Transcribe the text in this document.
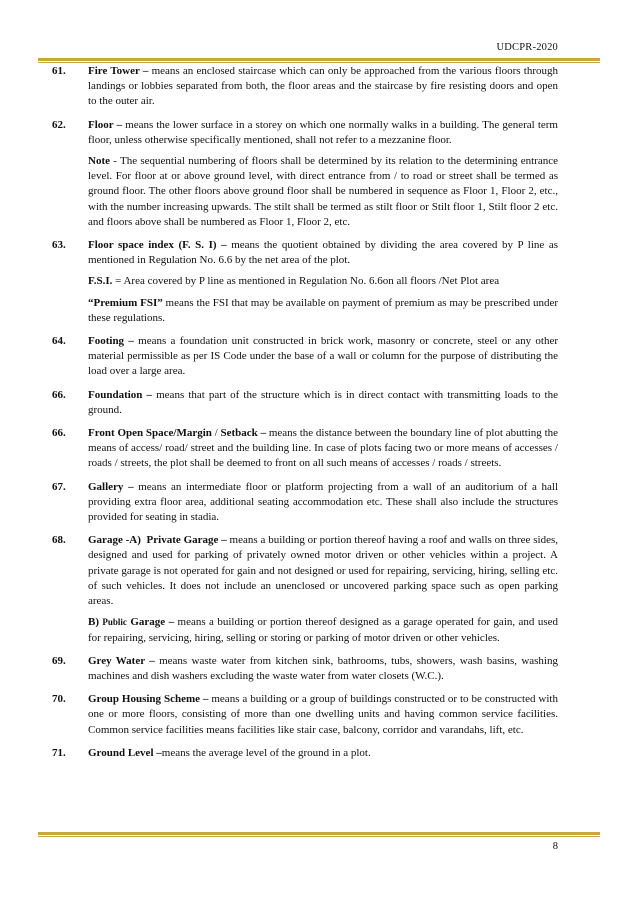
UDCPR-2020
61. Fire Tower – means an enclosed staircase which can only be approached from the various floors through landings or lobbies separated from both, the floor areas and the staircase by fire resisting doors and open to the outer air.
62. Floor – means the lower surface in a storey on which one normally walks in a building. The general term floor, unless otherwise specifically mentioned, shall not refer to a mezzanine floor.
Note - The sequential numbering of floors shall be determined by its relation to the determining entrance level. For floor at or above ground level, with direct entrance from / to road or street shall be termed as ground floor. The other floors above ground floor shall be numbered in sequence as Floor 1, Floor 2, etc., with the number increasing upwards. The stilt shall be termed as stilt floor or Stilt floor 1, Stilt floor 2 etc. and floors above shall be numbered as Floor 1, Floor 2, etc.
63. Floor space index (F. S. I) – means the quotient obtained by dividing the area covered by P line as mentioned in Regulation No. 6.6 by the net area of the plot.
F.S.I. = Area covered by P line as mentioned in Regulation No. 6.6on all floors /Net Plot area
“Premium FSI” means the FSI that may be available on payment of premium as may be prescribed under these regulations.
64. Footing – means a foundation unit constructed in brick work, masonry or concrete, steel or any other material permissible as per IS Code under the base of a wall or column for the purpose of distributing the load over a large area.
66. Foundation – means that part of the structure which is in direct contact with transmitting loads to the ground.
66. Front Open Space/Margin / Setback – means the distance between the boundary line of plot abutting the means of access/ road/ street and the building line. In case of plots facing two or more means of accesses / roads / streets, the plot shall be deemed to front on all such means of accesses / roads / streets.
67. Gallery – means an intermediate floor or platform projecting from a wall of an auditorium of a hall providing extra floor area, additional seating accommodation etc. These shall also include the structures provided for seating in stadia.
68. Garage -A)  Private Garage – means a building or portion thereof having a roof and walls on three sides, designed and used for parking of privately owned motor driven or other vehicles within a project. A private garage is not operated for gain and not designed or used for repairing, servicing, hiring, selling etc. of such vehicles. It does not include an unenclosed or uncovered parking space such as open parking areas.
B) Public Garage – means a building or portion thereof designed as a garage operated for gain, and used for repairing, servicing, hiring, selling or storing or parking of motor driven or other vehicles.
69. Grey Water – means waste water from kitchen sink, bathrooms, tubs, showers, wash basins, washing machines and dish washers excluding the waste water from water closets (W.C.).
70. Group Housing Scheme – means a building or a group of buildings constructed or to be constructed with one or more floors, consisting of more than one dwelling units and having common service facilities. Common service facilities means facilities like stair case, balcony, corridor and varandahs, lift, etc.
71. Ground Level –means the average level of the ground in a plot.
8
